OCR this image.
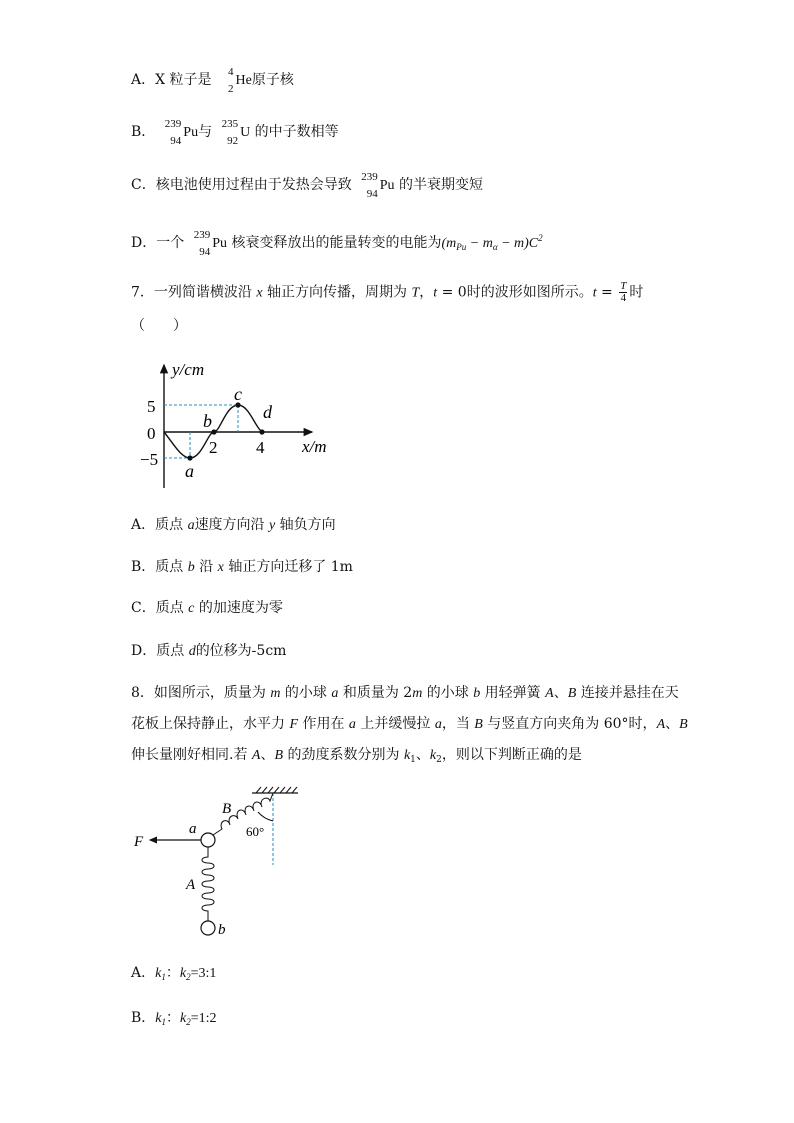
A．X 粒子是 4
2
He原子核
B． 239
94
Pu与 235
92
U 的中子数相等
C．核电池使用过程由于发热会导致 239
94
Pu 的半衰期变短
D．一个 239
94
Pu 核衰变释放出的能量转变的电能为$(m_{Pu} - m_\alpha - m)C^2$
7．一列简谐横波沿 x 轴正方向传播，周期为 T，t = 0时的波形如图所示。$t = \frac{T}{4}$ 时
（　　）
y/cm
x/m
5
0
−5
2 4
a
b
c
d
A．质点 a速度方向沿 y 轴负方向
B．质点 b 沿 x 轴正方向迁移了 1m
C．质点 c 的加速度为零
D．质点 d的位移为-5cm
8．如图所示，质量为 m 的小球 a 和质量为 2m 的小球 b 用轻弹簧 A、B 连接并悬挂在天
花板上保持静止，水平力 F 作用在 a 上并缓慢拉 a，当 B 与竖直方向夹角为 60°时，A、B
伸长量刚好相同.若 A、B 的劲度系数分别为 $k_1$、$k_2$，则以下判断正确的是
F
a
b
A
B
60°
A．$k_1$：$k_2=3:1$
B．$k_1$：$k_2=1:2$
